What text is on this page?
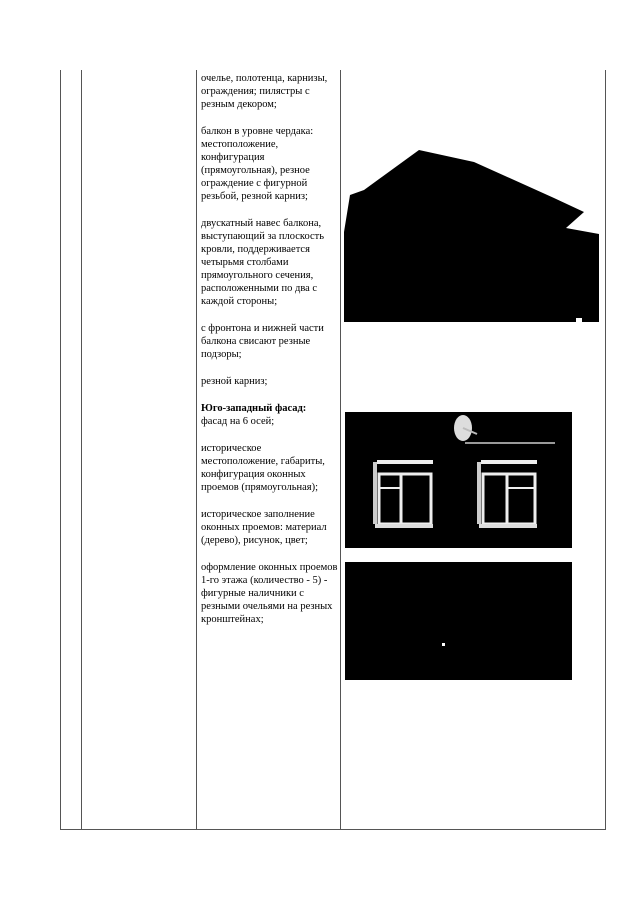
очелье, полотенца, карнизы, ограждения; пилястры с резным декором;

балкон в уровне чердака: местоположение, конфигурация (прямоугольная), резное ограждение с фигурной резьбой, резной карниз;

двускатный навес балкона, выступающий за плоскость кровли, поддерживается четырьмя столбами прямоугольного сечения, расположенными по два с каждой стороны;

с фронтона и нижней части балкона свисают резные подзоры;

резной карниз;

Юго-западный фасад:
фасад на 6 осей;

историческое местоположение, габариты, конфигурация оконных проемов (прямоугольная);

историческое заполнение оконных проемов: материал (дерево), рисунок, цвет;

оформление оконных проемов 1-го этажа (количество - 5) - фигурные наличники с резными очельями на резных кронштейнах;
